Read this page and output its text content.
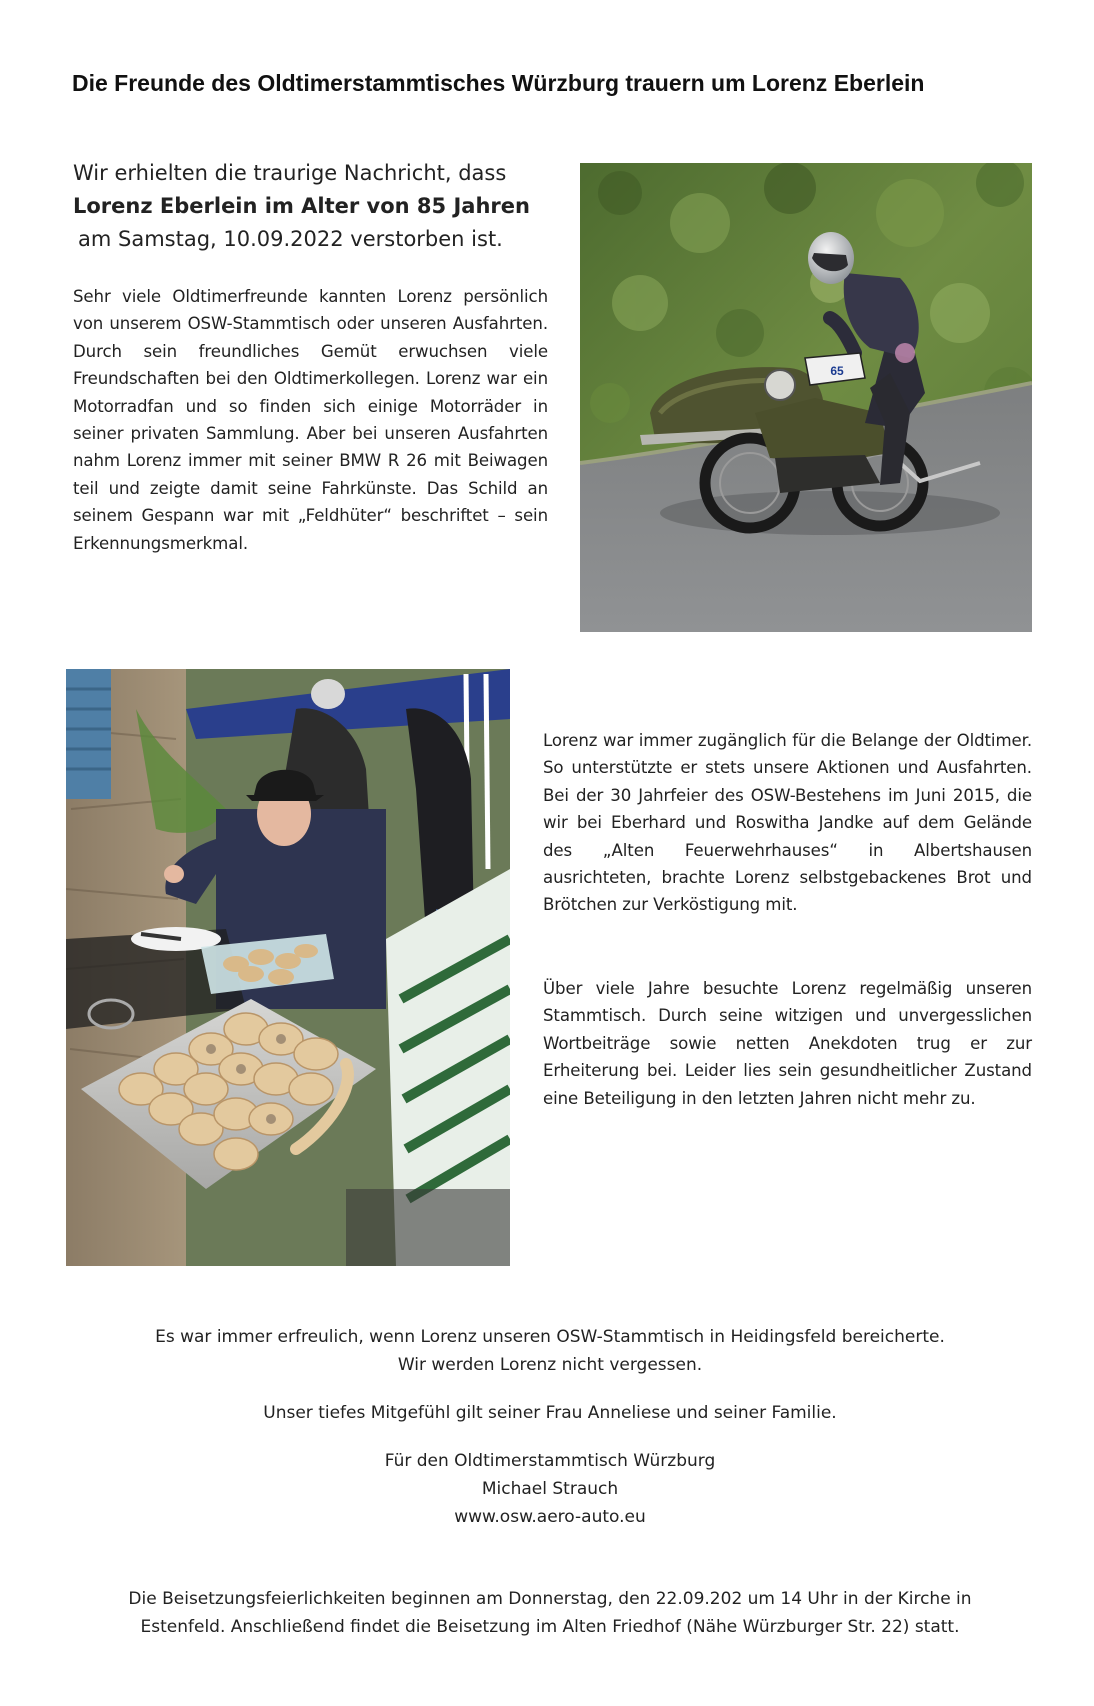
Die Freunde des Oldtimerstammtisches Würzburg trauern um Lorenz Eberlein
Wir erhielten die traurige Nachricht, dass
Lorenz Eberlein im Alter von 85 Jahren
am Samstag, 10.09.2022 verstorben ist.
Sehr viele Oldtimerfreunde kannten Lorenz persönlich von unserem OSW-Stammtisch oder unseren Ausfahrten. Durch sein freundliches Gemüt erwuchsen viele Freundschaften bei den Oldtimerkollegen. Lorenz war ein Motorradfan und so finden sich einige Motorräder in seiner privaten Sammlung. Aber bei unseren Ausfahrten nahm Lorenz immer mit seiner BMW R 26 mit Beiwagen teil und zeigte damit seine Fahrkünste. Das Schild an seinem Gespann war mit „Feldhüter“ beschriftet – sein Erkennungsmerkmal.
65
Lorenz war immer zugänglich für die Belange der Oldtimer. So unterstützte er stets unsere Aktionen und Ausfahrten. Bei der 30 Jahrfeier des OSW-Bestehens im Juni 2015, die wir bei Eberhard und Roswitha Jandke auf dem Gelände des „Alten Feuerwehrhauses“ in Albertshausen ausrichteten, brachte Lorenz selbstgebackenes Brot und Brötchen zur Verköstigung mit.
Über viele Jahre besuchte Lorenz regelmäßig unseren Stammtisch. Durch seine witzigen und unvergesslichen Wortbeiträge sowie netten Anekdoten trug er zur Erheiterung bei. Leider lies sein gesundheitlicher Zustand eine Beteiligung in den letzten Jahren nicht mehr zu.
Es war immer erfreulich, wenn Lorenz unseren OSW-Stammtisch in Heidingsfeld bereicherte.
Wir werden Lorenz nicht vergessen.
Unser tiefes Mitgefühl gilt seiner Frau Anneliese und seiner Familie.
Für den Oldtimerstammtisch Würzburg
Michael Strauch
www.osw.aero-auto.eu
Die Beisetzungsfeierlichkeiten beginnen am Donnerstag, den 22.09.202 um 14 Uhr in der Kirche in
Estenfeld. Anschließend findet die Beisetzung im Alten Friedhof (Nähe Würzburger Str. 22) statt.
